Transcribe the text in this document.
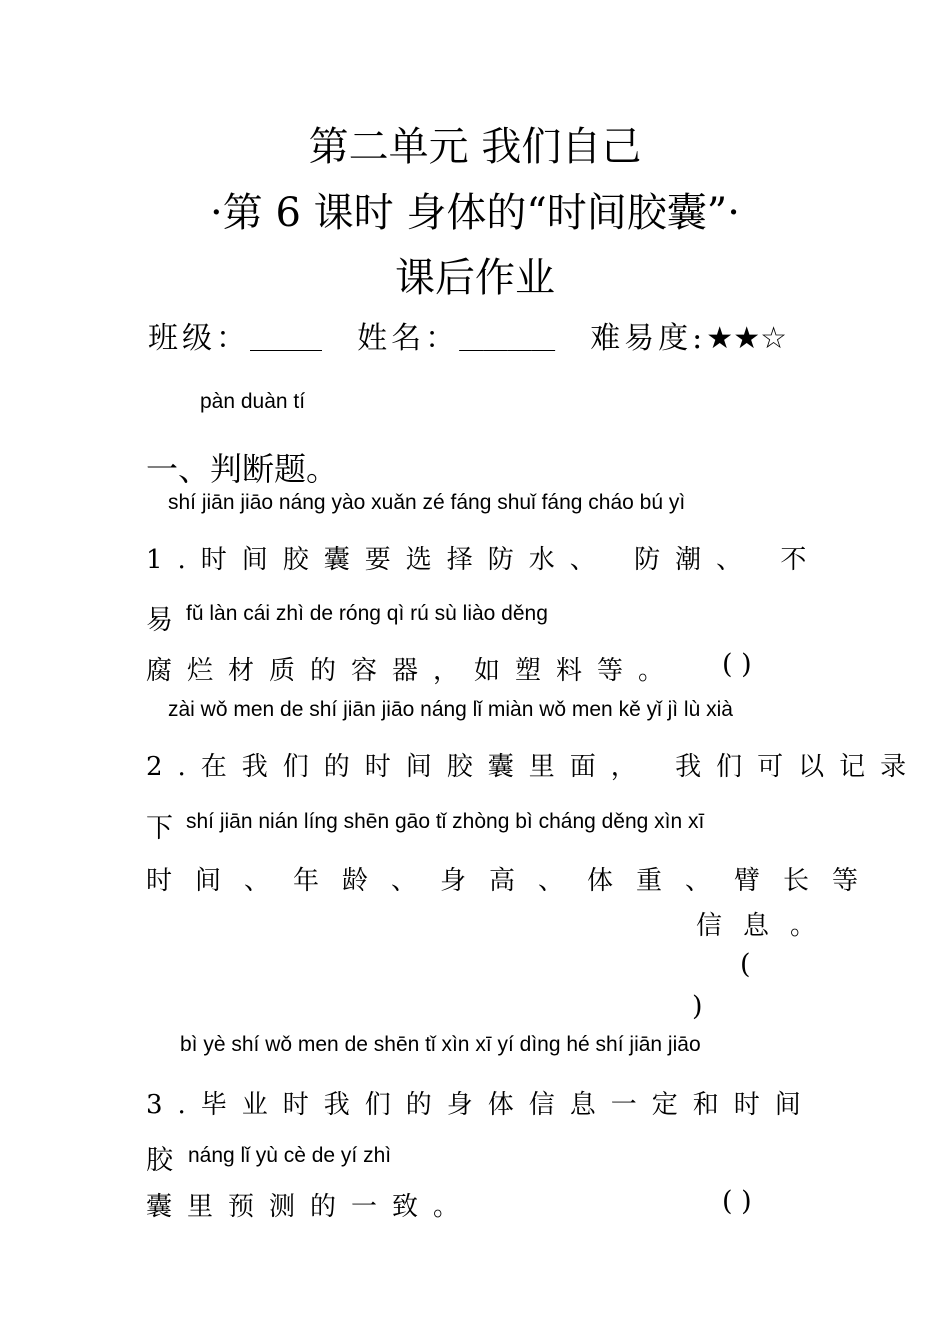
第二单元 我们自己
·第 6 课时 身体的“时间胶囊”·
课后作业
班级：＿＿＿ 姓名：＿＿＿＿ 难易度:★★☆
pàn duàn tí
一、判断题。
shí jiān jiāo náng yào xuǎn zé fáng shuǐ fáng cháo bú yì
1.时间胶囊要选择防水、 防潮、 不
易 fǔ làn cái zhì de róng qì rú sù liào děng
腐烂材质的容器，如塑料等。 ( )
zài wǒ men de shí jiān jiāo náng lǐ miàn wǒ men kě yǐ jì lù xià
2.在我们的时间胶囊里面， 我们可以记录
下 shí jiān nián líng shēn gāo tǐ zhòng bì cháng děng xìn xī
时间、年龄、身高、体重、臂长等
信息。
(
)
bì yè shí wǒ men de shēn tǐ xìn xī yí dìng hé shí jiān jiāo
3.毕业时我们的身体信息一定和时间
胶 náng lǐ yù cè de yí zhì
囊里预测的一致。	( )
